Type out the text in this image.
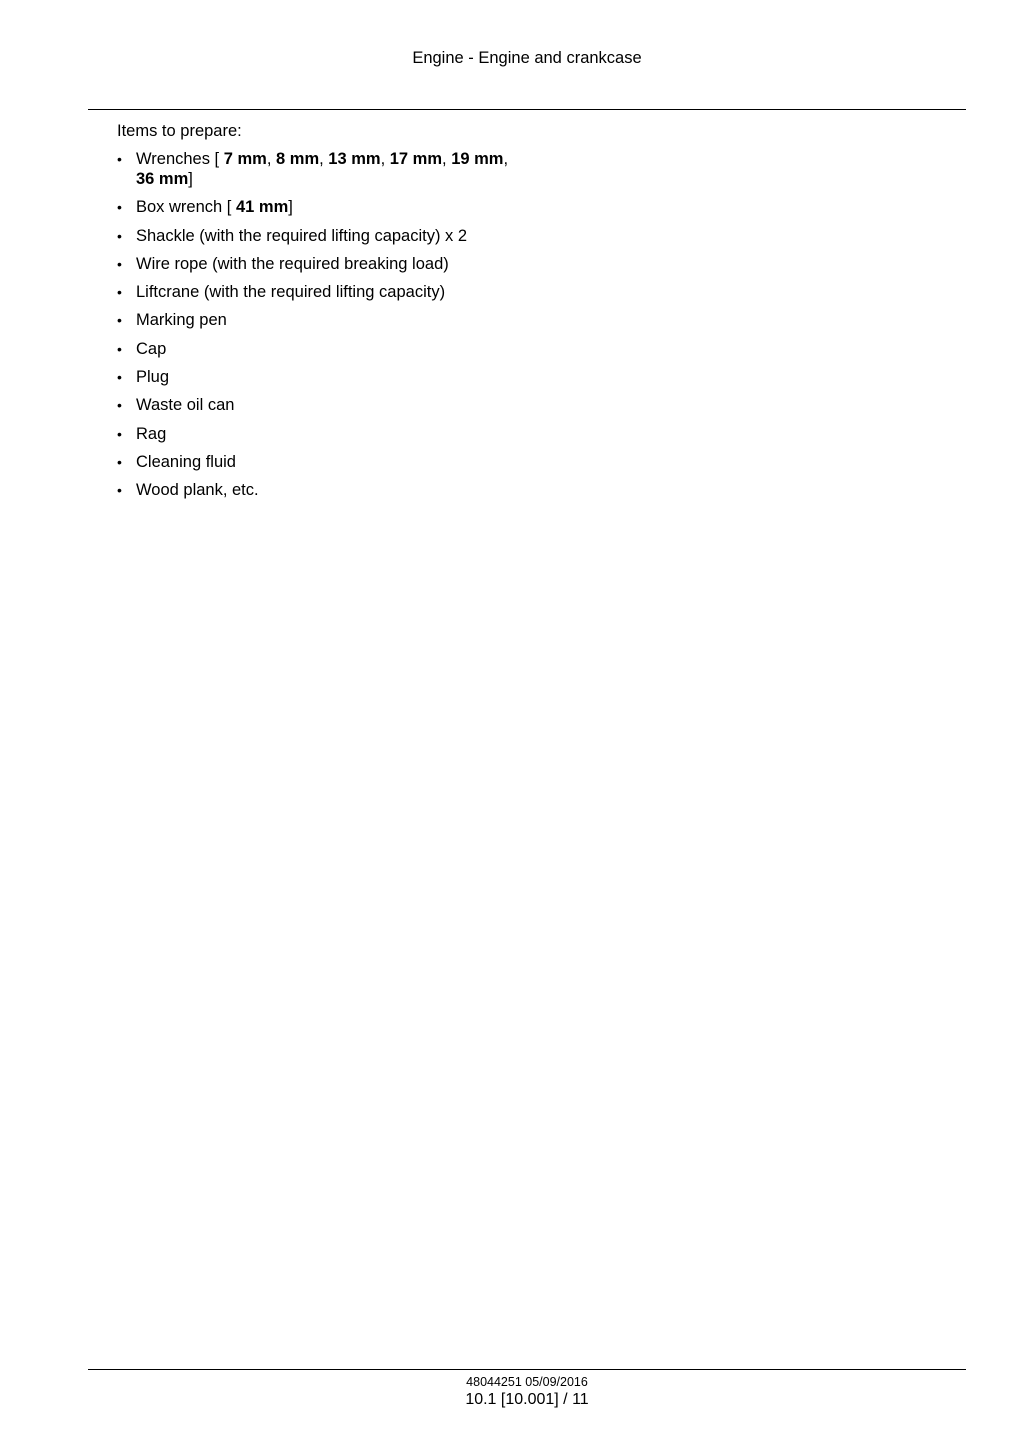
Engine - Engine and crankcase

Items to prepare:

• Wrenches [ 7 mm, 8 mm, 13 mm, 17 mm, 19 mm,
36 mm]
• Box wrench [ 41 mm]
• Shackle (with the required lifting capacity) x 2
• Wire rope (with the required breaking load)
• Liftcrane (with the required lifting capacity)
• Marking pen
• Cap
• Plug
• Waste oil can
• Rag
• Cleaning fluid
• Wood plank, etc.
48044251 05/09/2016
10.1 [10.001] / 11
